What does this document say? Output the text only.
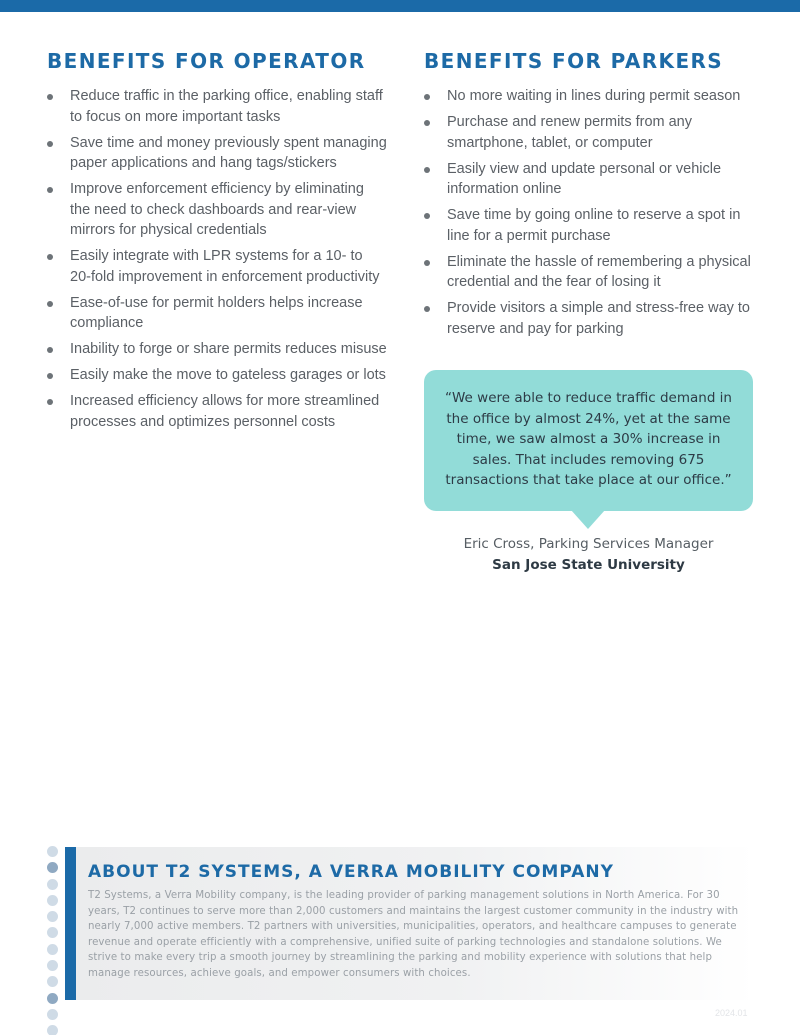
BENEFITS FOR OPERATOR
Reduce traffic in the parking office, enabling staff to focus on more important tasks
Save time and money previously spent managing paper applications and hang tags/stickers
Improve enforcement efficiency by eliminating the need to check dashboards and rear-view mirrors for physical credentials
Easily integrate with LPR systems for a 10- to 20-fold improvement in enforcement productivity
Ease-of-use for permit holders helps increase compliance
Inability to forge or share permits reduces misuse
Easily make the move to gateless garages or lots
Increased efficiency allows for more streamlined processes and optimizes personnel costs
BENEFITS FOR PARKERS
No more waiting in lines during permit season
Purchase and renew permits from any smartphone, tablet, or computer
Easily view and update personal or vehicle information online
Save time by going online to reserve a spot in line for a permit purchase
Eliminate the hassle of remembering a physical credential and the fear of losing it
Provide visitors a simple and stress-free way to reserve and pay for parking

“We were able to reduce traffic demand in the office by almost 24%, yet at the same time, we saw almost a 30% increase in sales. That includes removing 675 transactions that take place at our office.”

Eric Cross, Parking Services Manager
San Jose State University
ABOUT T2 SYSTEMS, A VERRA MOBILITY COMPANY

T2 Systems, a Verra Mobility company, is the leading provider of parking management solutions in North America. For 30 years, T2 continues to serve more than 2,000 customers and maintains the largest customer community in the industry with nearly 7,000 active members. T2 partners with universities, municipalities, operators, and healthcare campuses to generate revenue and operate efficiently with a comprehensive, unified suite of parking technologies and standalone solutions. We strive to make every trip a smooth journey by streamlining the parking and mobility experience with solutions that help manage resources, achieve goals, and empower consumers with choices.

2024.01
